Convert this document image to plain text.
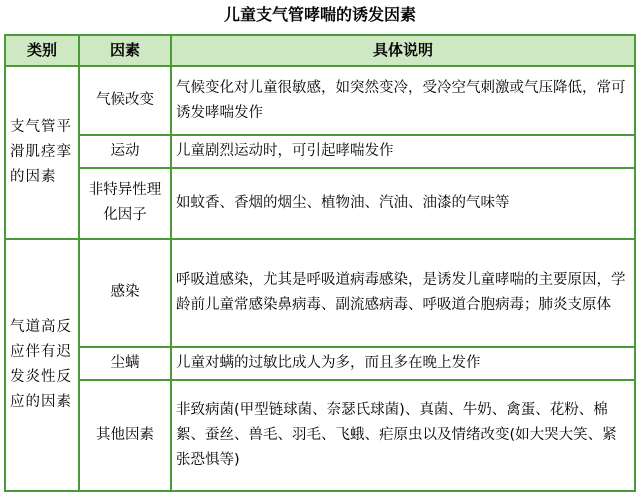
儿童支气管哮喘的诱发因素
类别	因素	具体说明
支气管平滑肌痉挛的因素	气候改变	气候变化对儿童很敏感，如突然变冷，受冷空气刺激或气压降低，常可诱发哮喘发作
	运动	儿童剧烈运动时，可引起哮喘发作
	非特异性理化因子	如蚊香、香烟的烟尘、植物油、汽油、油漆的气味等
气道高反应伴有迟发炎性反应的因素	感染	呼吸道感染，尤其是呼吸道病毒感染，是诱发儿童哮喘的主要原因，学龄前儿童常感染鼻病毒、副流感病毒、呼吸道合胞病毒；肺炎支原体
	尘螨	儿童对螨的过敏比成人为多，而且多在晚上发作
	其他因素	非致病菌(甲型链球菌、奈瑟氏球菌)、真菌、牛奶、禽蛋、花粉、棉絮、蚕丝、兽毛、羽毛、飞蛾、疟原虫以及情绪改变(如大哭大笑、紧张恐惧等)
